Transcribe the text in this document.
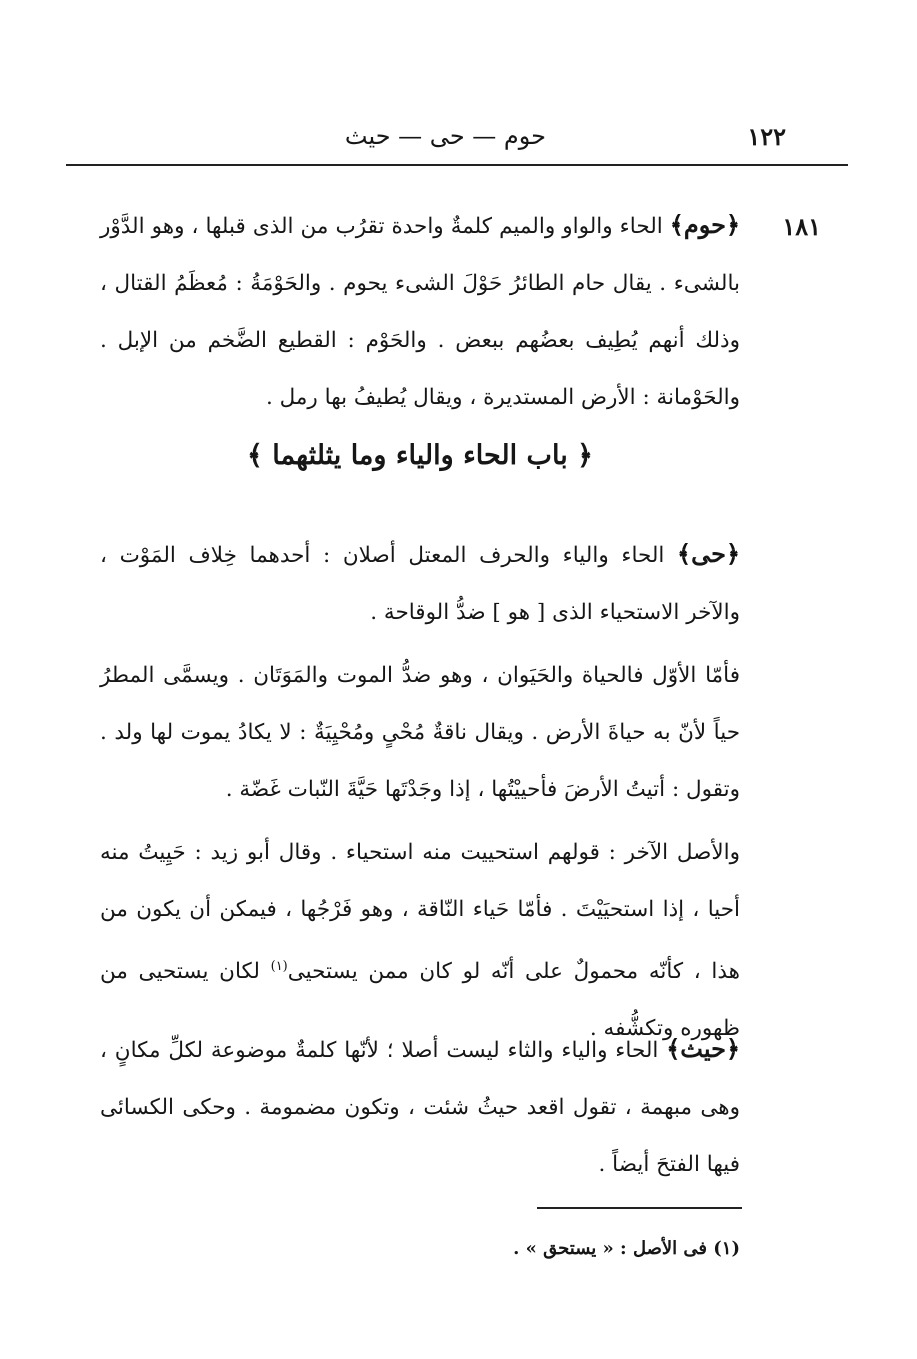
١٢٢
حوم — حى — حيث
١٨١

﴿حوم﴾ الحاء والواو والميم كلمةٌ واحدة تقرُب من الذى قبلها ، وهو الدَّوْر بالشىء . يقال حام الطائرُ حَوْلَ الشىء يحوم . والحَوْمَةُ : مُعظَمُ القتال ، وذلك أنهم يُطِيف بعضُهم ببعض . والحَوْم : القطيع الضَّخم من الإبل . والحَوْمانة : الأرض المستديرة ، ويقال يُطيفُ بها رمل .

﴿ باب الحاء والياء وما يثلثهما ﴾

﴿حى﴾ الحاء والياء والحرف المعتل أصلان : أحدهما خِلاف المَوْت ، والآخر الاستحياء الذى [ هو ] ضدُّ الوقاحة .

فأمّا الأوّل فالحياة والحَيَوان ، وهو ضدُّ الموت والمَوَتَان . ويسمَّى المطرُ حياً لأنّ به حياةَ الأرض . ويقال ناقةٌ مُحْىٍ ومُحْيِيَةٌ : لا يكادُ يموت لها ولد . وتقول : أتيتُ الأرضَ فأحييْتُها ، إذا وجَدْتَها حَيَّةَ النّبات غَضّة .

والأصل الآخر : قولهم استحييت منه استحياء . وقال أبو زيد : حَيِيتُ منه أحيا ، إذا استحيَيْتَ . فأمّا حَياء النّاقة ، وهو فَرْجُها ، فيمكن أن يكون من هذا ، كأنّه محمولٌ على أنّه لو كان ممن يستحيى$^{(١)}$ لكان يستحيى من ظهوره وتكشُّفه .

﴿حيث﴾ الحاء والياء والثاء ليست أصلا ؛ لأنّها كلمةٌ موضوعة لكلِّ مكانٍ ، وهى مبهمة ، تقول اقعد حيثُ شئت ، وتكون مضمومة . وحكى الكسائى فيها الفتحَ أيضاً .

(١) فى الأصل : « يستحق » .
